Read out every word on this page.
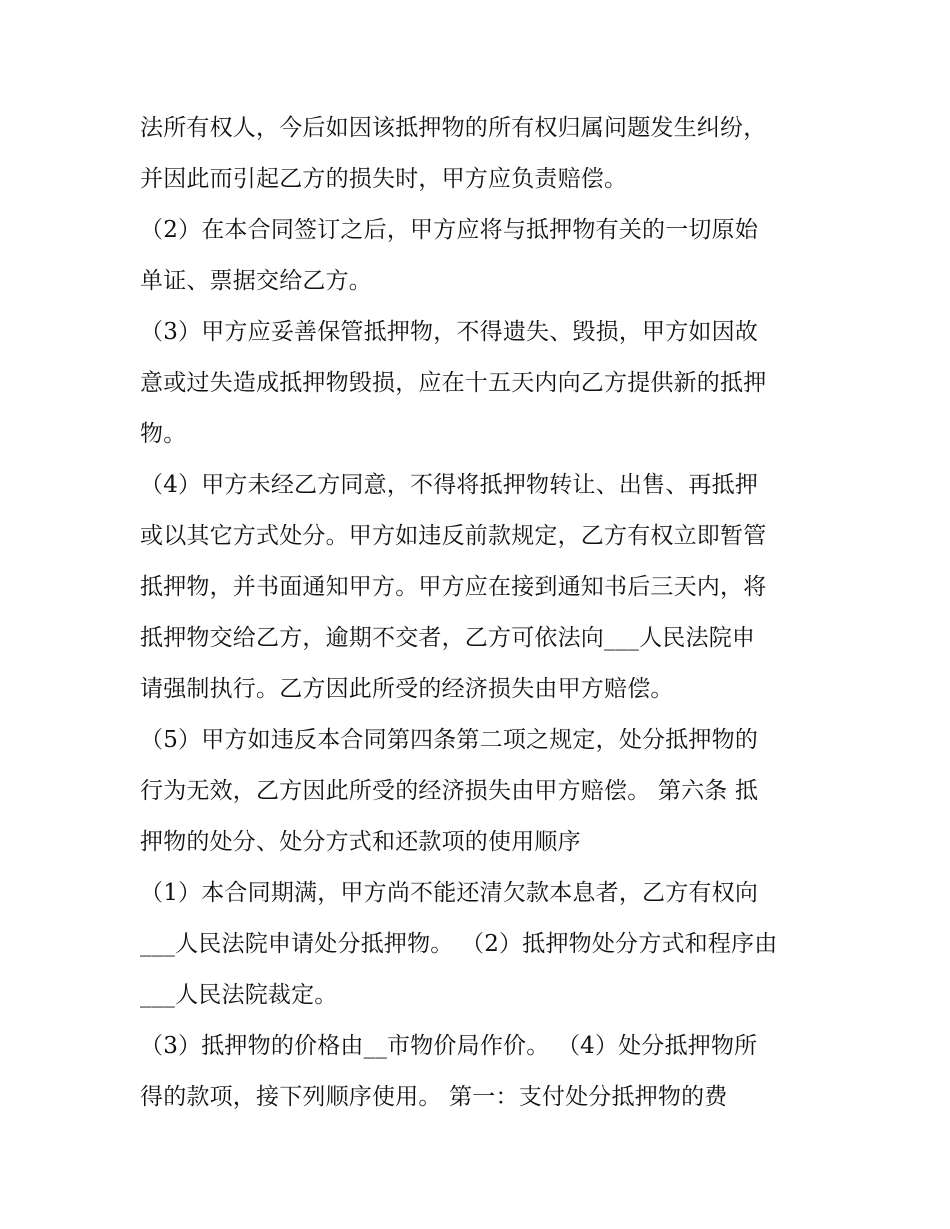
法所有权人，今后如因该抵押物的所有权归属问题发生纠纷，
并因此而引起乙方的损失时，甲方应负责赔偿。
（2）在本合同签订之后，甲方应将与抵押物有关的一切原始
单证、票据交给乙方。
（3）甲方应妥善保管抵押物，不得遗失、毁损，甲方如因故
意或过失造成抵押物毁损，应在十五天内向乙方提供新的抵押
物。
（4）甲方未经乙方同意，不得将抵押物转让、出售、再抵押
或以其它方式处分。甲方如违反前款规定，乙方有权立即暂管
抵押物，并书面通知甲方。甲方应在接到通知书后三天内，将
抵押物交给乙方，逾期不交者，乙方可依法向___人民法院申
请强制执行。乙方因此所受的经济损失由甲方赔偿。
（5）甲方如违反本合同第四条第二项之规定，处分抵押物的
行为无效，乙方因此所受的经济损失由甲方赔偿。 第六条 抵
押物的处分、处分方式和还款项的使用顺序
（1）本合同期满，甲方尚不能还清欠款本息者，乙方有权向
___人民法院申请处分抵押物。 （2）抵押物处分方式和程序由
___人民法院裁定。
（3）抵押物的价格由__市物价局作价。 （4）处分抵押物所
得的款项，接下列顺序使用。 第一：支付处分抵押物的费
